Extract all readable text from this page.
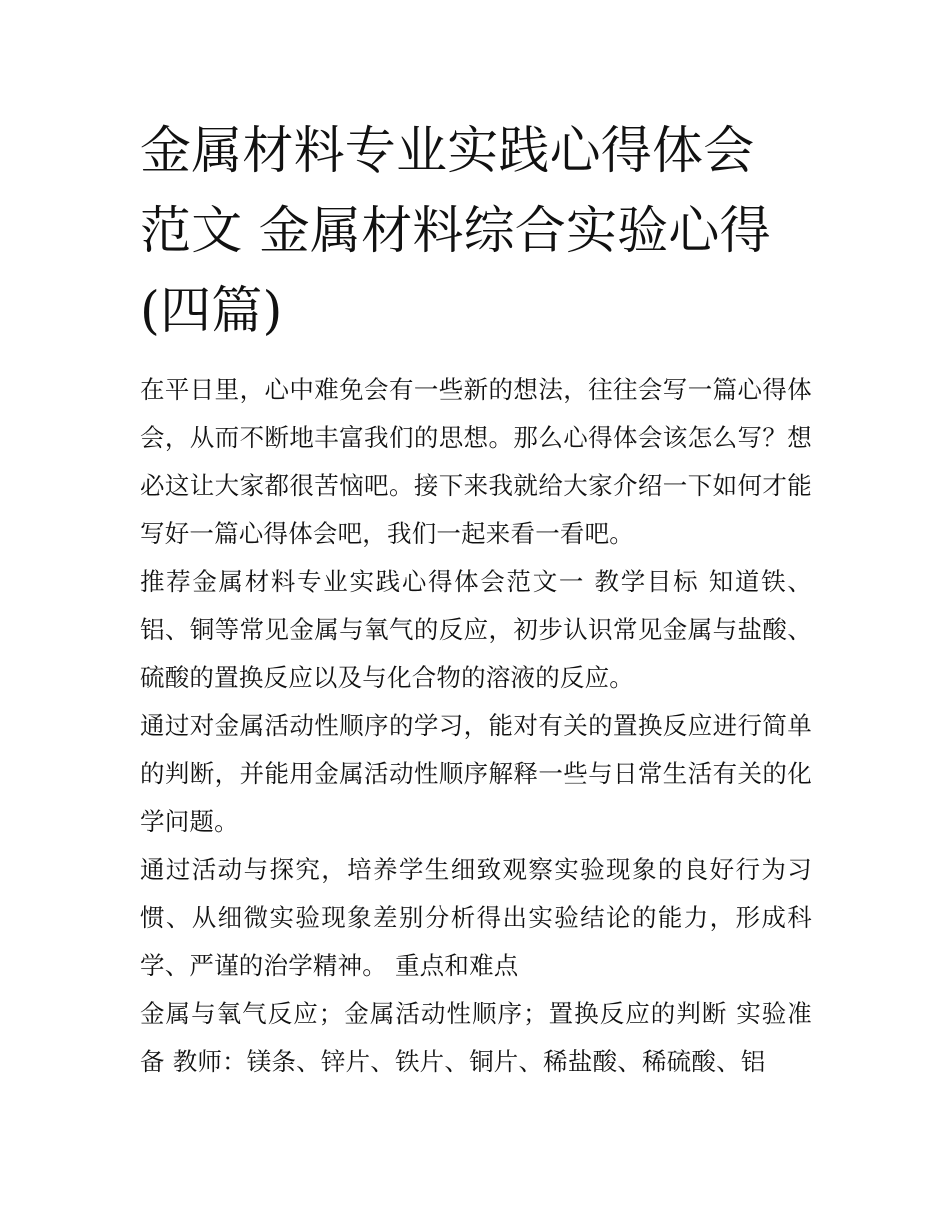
金属材料专业实践心得体会范文 金属材料综合实验心得(四篇)

在平日里，心中难免会有一些新的想法，往往会写一篇心得体会，从而不断地丰富我们的思想。那么心得体会该怎么写？想必这让大家都很苦恼吧。接下来我就给大家介绍一下如何才能写好一篇心得体会吧，我们一起来看一看吧。

推荐金属材料专业实践心得体会范文一 教学目标 知道铁、铝、铜等常见金属与氧气的反应，初步认识常见金属与盐酸、硫酸的置换反应以及与化合物的溶液的反应。

通过对金属活动性顺序的学习，能对有关的置换反应进行简单的判断，并能用金属活动性顺序解释一些与日常生活有关的化学问题。

通过活动与探究，培养学生细致观察实验现象的良好行为习惯、从细微实验现象差别分析得出实验结论的能力，形成科学、严谨的治学精神。 重点和难点

金属与氧气反应；金属活动性顺序；置换反应的判断 实验准备 教师：镁条、锌片、铁片、铜片、稀盐酸、稀硫酸、铝
